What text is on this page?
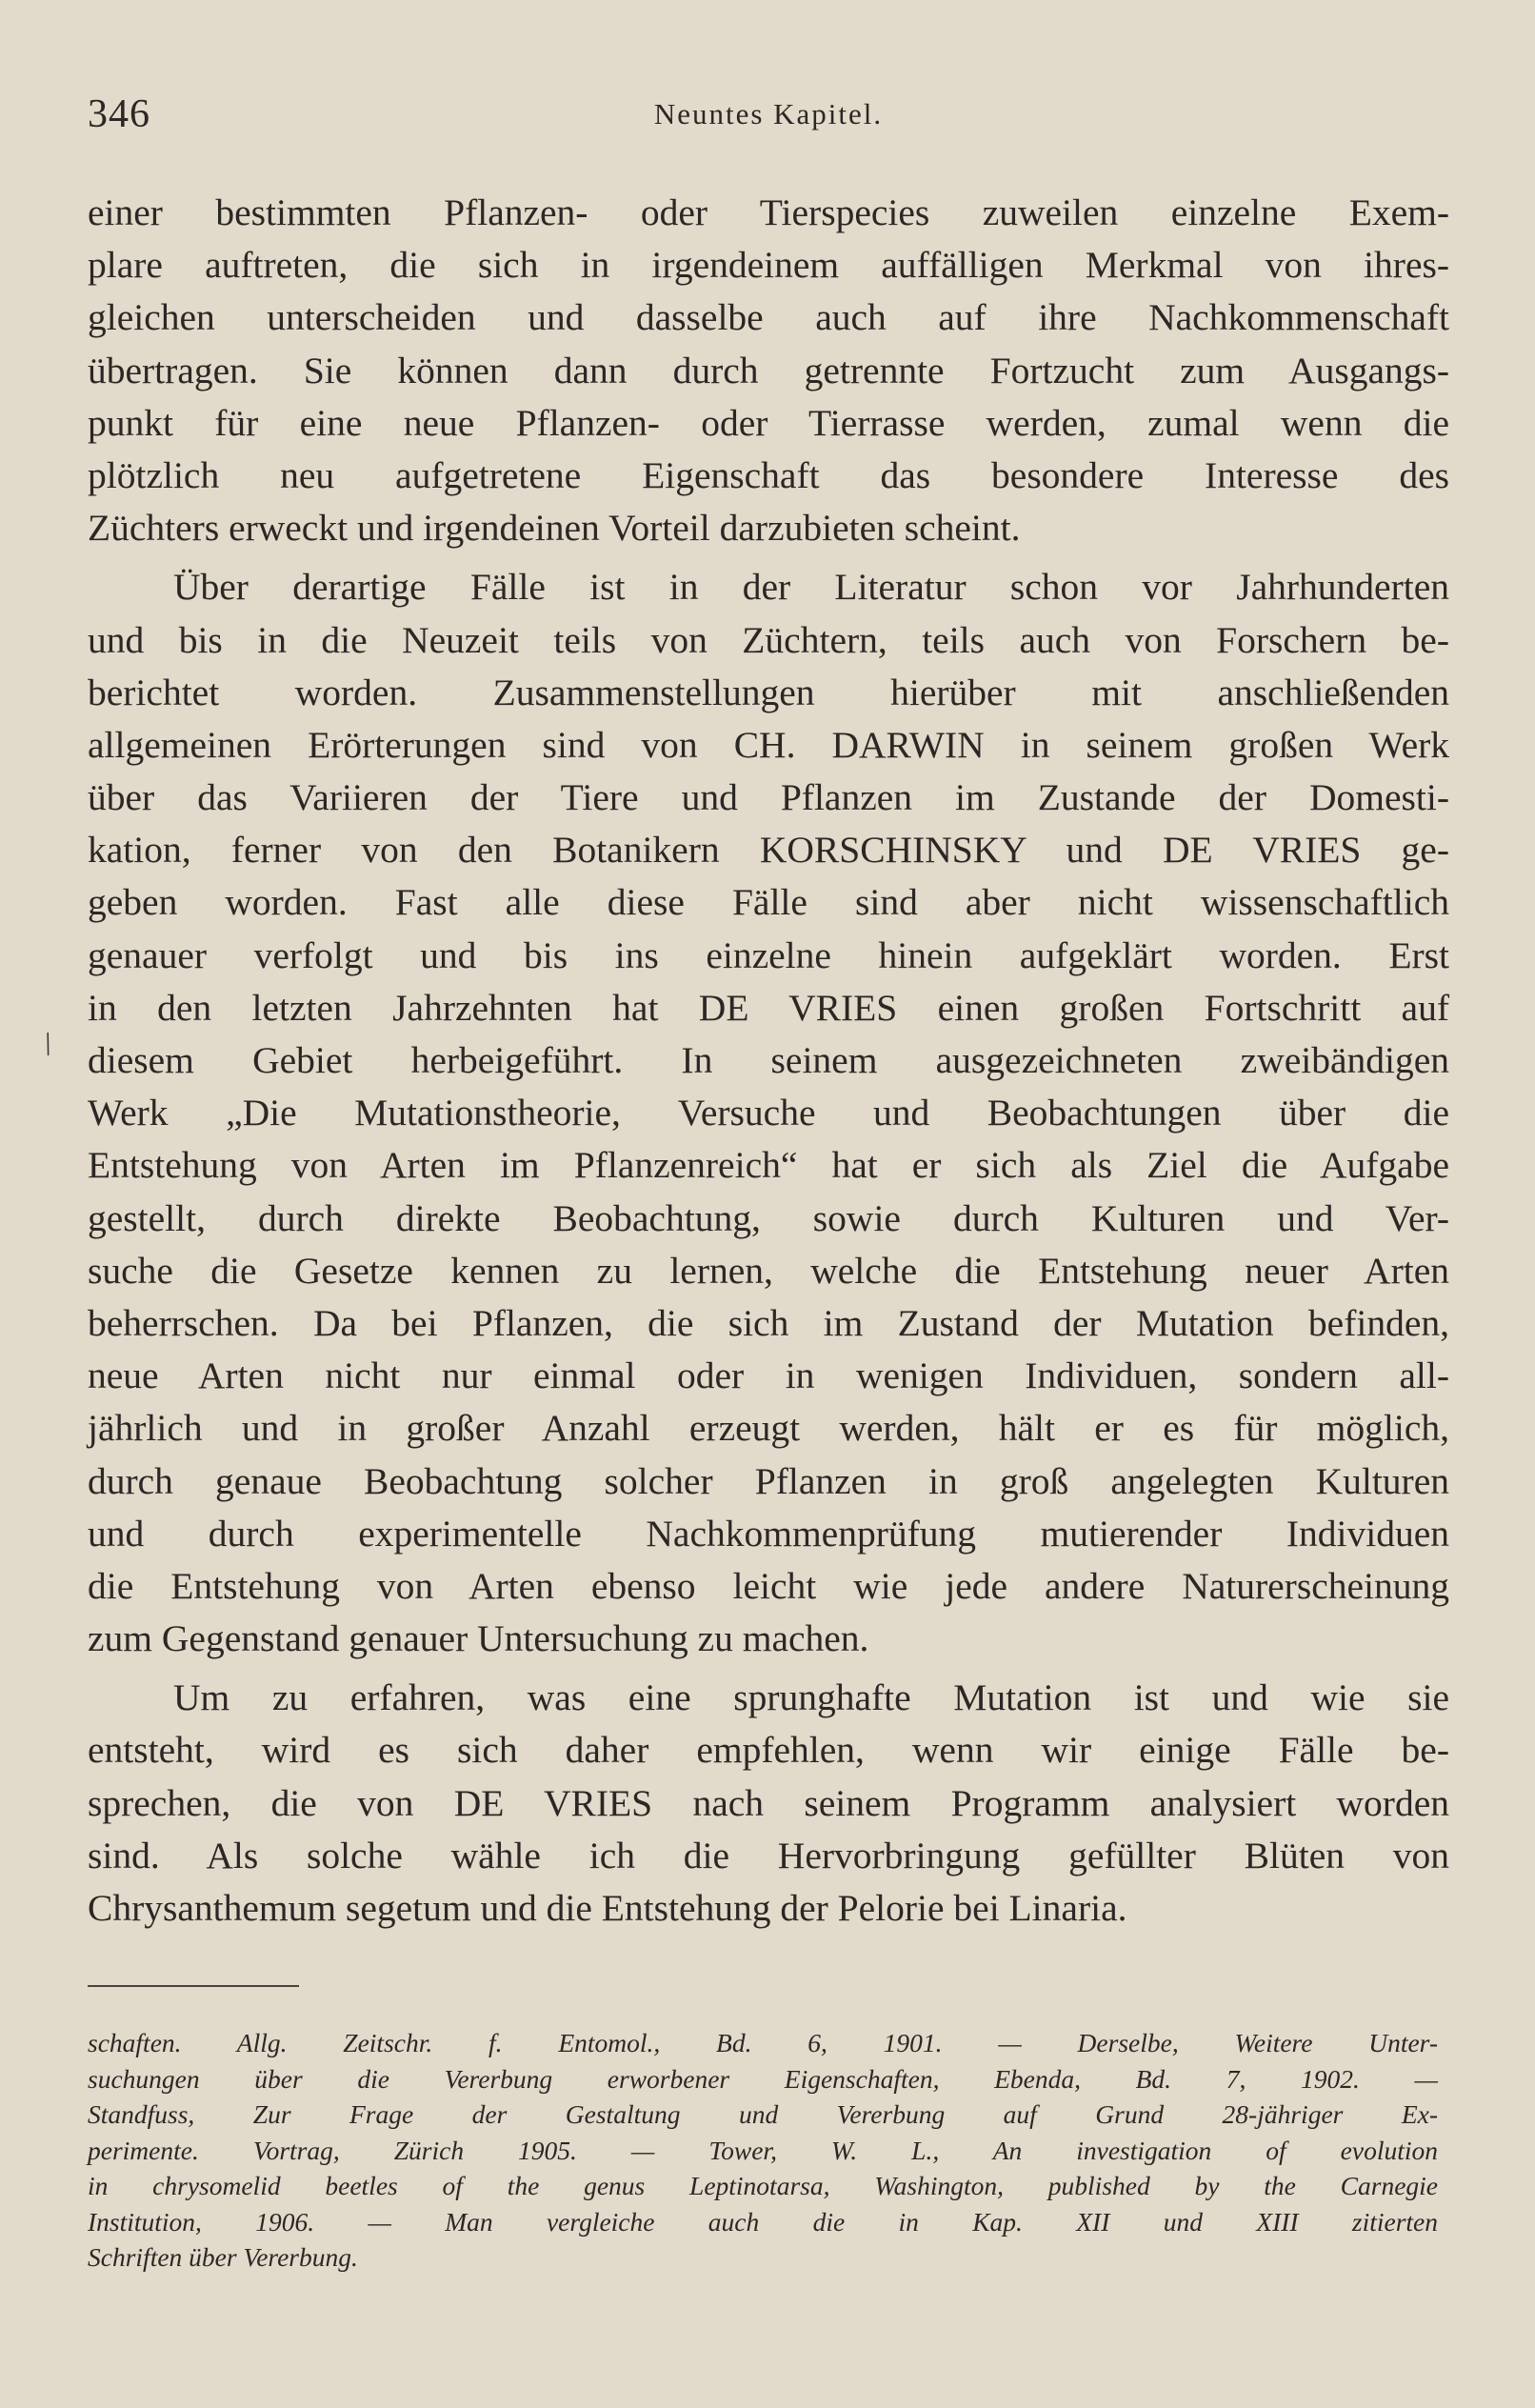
346	Neuntes Kapitel.
/
einer bestimmten Pflanzen- oder Tierspecies zuweilen einzelne Exem-
plare auftreten, die sich in irgendeinem auffälligen Merkmal von ihres-
gleichen unterscheiden und dasselbe auch auf ihre Nachkommenschaft
übertragen. Sie können dann durch getrennte Fortzucht zum Ausgangs-
punkt für eine neue Pflanzen- oder Tierrasse werden, zumal wenn die
plötzlich neu aufgetretene Eigenschaft das besondere Interesse des
Züchters erweckt und irgendeinen Vorteil darzubieten scheint.
Über derartige Fälle ist in der Literatur schon vor Jahrhunderten
und bis in die Neuzeit teils von Züchtern, teils auch von Forschern be-
berichtet worden. Zusammenstellungen hierüber mit anschließenden
allgemeinen Erörterungen sind von CH. DARWIN in seinem großen Werk
über das Variieren der Tiere und Pflanzen im Zustande der Domesti-
kation, ferner von den Botanikern KORSCHINSKY und DE VRIES ge-
geben worden. Fast alle diese Fälle sind aber nicht wissenschaftlich
genauer verfolgt und bis ins einzelne hinein aufgeklärt worden. Erst
in den letzten Jahrzehnten hat DE VRIES einen großen Fortschritt auf
diesem Gebiet herbeigeführt. In seinem ausgezeichneten zweibändigen
Werk „Die Mutationstheorie, Versuche und Beobachtungen über die
Entstehung von Arten im Pflanzenreich“ hat er sich als Ziel die Aufgabe
gestellt, durch direkte Beobachtung, sowie durch Kulturen und Ver-
suche die Gesetze kennen zu lernen, welche die Entstehung neuer Arten
beherrschen. Da bei Pflanzen, die sich im Zustand der Mutation befinden,
neue Arten nicht nur einmal oder in wenigen Individuen, sondern all-
jährlich und in großer Anzahl erzeugt werden, hält er es für möglich,
durch genaue Beobachtung solcher Pflanzen in groß angelegten Kulturen
und durch experimentelle Nachkommenprüfung mutierender Individuen
die Entstehung von Arten ebenso leicht wie jede andere Naturerscheinung
zum Gegenstand genauer Untersuchung zu machen.
Um zu erfahren, was eine sprunghafte Mutation ist und wie sie
entsteht, wird es sich daher empfehlen, wenn wir einige Fälle be-
sprechen, die von DE VRIES nach seinem Programm analysiert worden
sind. Als solche wähle ich die Hervorbringung gefüllter Blüten von
Chrysanthemum segetum und die Entstehung der Pelorie bei Linaria.
schaften. Allg. Zeitschr. f. Entomol., Bd. 6, 1901. — Derselbe, Weitere Unter-
suchungen über die Vererbung erworbener Eigenschaften, Ebenda, Bd. 7, 1902. —
Standfuss, Zur Frage der Gestaltung und Vererbung auf Grund 28-jähriger Ex-
perimente. Vortrag, Zürich 1905. — Tower, W. L., An investigation of evolution
in chrysomelid beetles of the genus Leptinotarsa, Washington, published by the Carnegie
Institution, 1906. — Man vergleiche auch die in Kap. XII und XIII zitierten
Schriften über Vererbung.
